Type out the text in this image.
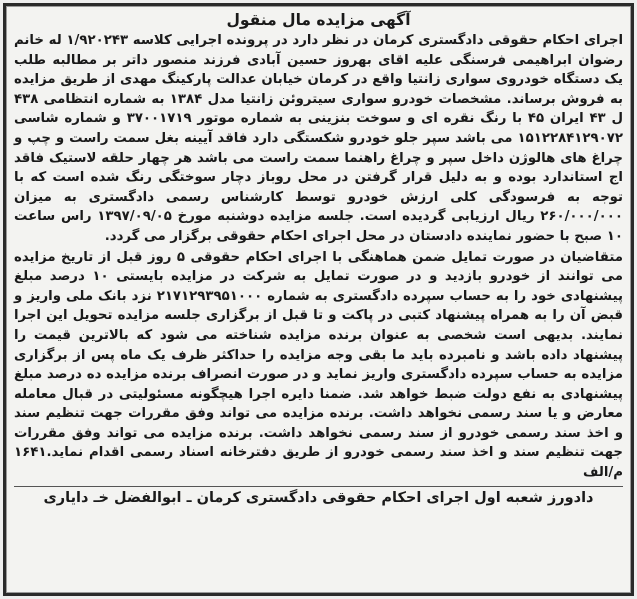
آگهی مزایده مال منقول

اجرای احکام حقوقی دادگستری کرمان در نظر دارد در پرونده اجرایی کلاسه ۱/۹۲۰۲۴۳ له خانم رضوان ابراهیمی فرسنگی علیه اقای بهروز حسین آبادی فرزند منصور داتر بر مطالبه طلب یک دستگاه خودروی سواری زانتیا واقع در کرمان خیابان عدالت پارکینگ مهدی از طریق مزایده به فروش برساند. مشخصات خودرو سواری سیتروئن زانتیا مدل ۱۳۸۴ به شماره انتظامی ۴۳۸ ل ۴۳ ایران ۴۵ با رنگ نقره ای و سوخت بنزینی به شماره موتور ۳۷۰۰۱۷۱۹ و شماره شاسی ۱۵۱۲۲۸۴۱۲۹۰۷۲ می باشد سپر جلو خودرو شکستگی دارد فاقد آیینه بغل سمت راست و چپ و چراغ های هالوژن داخل سپر و چراغ راهنما سمت راست می باشد هر چهار حلقه لاستیک فاقد اج استاندارد بوده و به دلیل قرار گرفتن در محل روباز دچار سوختگی رنگ شده است که با توجه به فرسودگی کلی ارزش خودرو توسط کارشناس رسمی دادگستری به میزان ۲۶۰/۰۰۰/۰۰۰ ریال ارزیابی گردیده است. جلسه مزایده دوشنبه مورخ ۱۳۹۷/۰۹/۰۵ راس ساعت ۱۰ صبح با حضور نماینده دادستان در محل اجرای احکام حقوقی برگزار می گردد.

متقاضیان در صورت تمایل ضمن هماهنگی با اجرای احکام حقوقی ۵ روز قبل از تاریخ مزایده می توانند از خودرو بازدید و در صورت تمایل به شرکت در مزایده بایستی ۱۰ درصد مبلغ پیشنهادی خود را به حساب سپرده دادگستری به شماره ۲۱۷۱۲۹۳۹۵۱۰۰۰ نزد بانک ملی واریز و قبض آن را به همراه پیشنهاد کتبی در پاکت و تا قبل از برگزاری جلسه مزایده تحویل این اجرا نمایند. بدیهی است شخصی به عنوان برنده مزایده شناخته می شود که بالاترین قیمت را پیشنهاد داده باشد و نامبرده باید ما بقی وجه مزایده را حداکثر ظرف یک ماه پس از برگزاری مزایده به حساب سپرده دادگستری واریز نماید و در صورت انصراف برنده مزایده ده درصد مبلغ پیشنهادی به نفع دولت ضبط خواهد شد. ضمنا دایره اجرا هیچگونه مسئولیتی در قبال معامله معارض و یا سند رسمی نخواهد داشت. برنده مزایده می تواند وفق مقررات جهت تنظیم سند و اخذ سند رسمی خودرو از سند رسمی نخواهد داشت. برنده مزایده می تواند وفق مقررات جهت تنظیم سند و اخذ سند رسمی خودرو از طریق دفترخانه اسناد رسمی اقدام نماید.۱۶۴۱ م/الف

دادورز شعبه اول اجرای احکام حقوقی دادگستری کرمان ـ ابوالفضل خـ دایاری
